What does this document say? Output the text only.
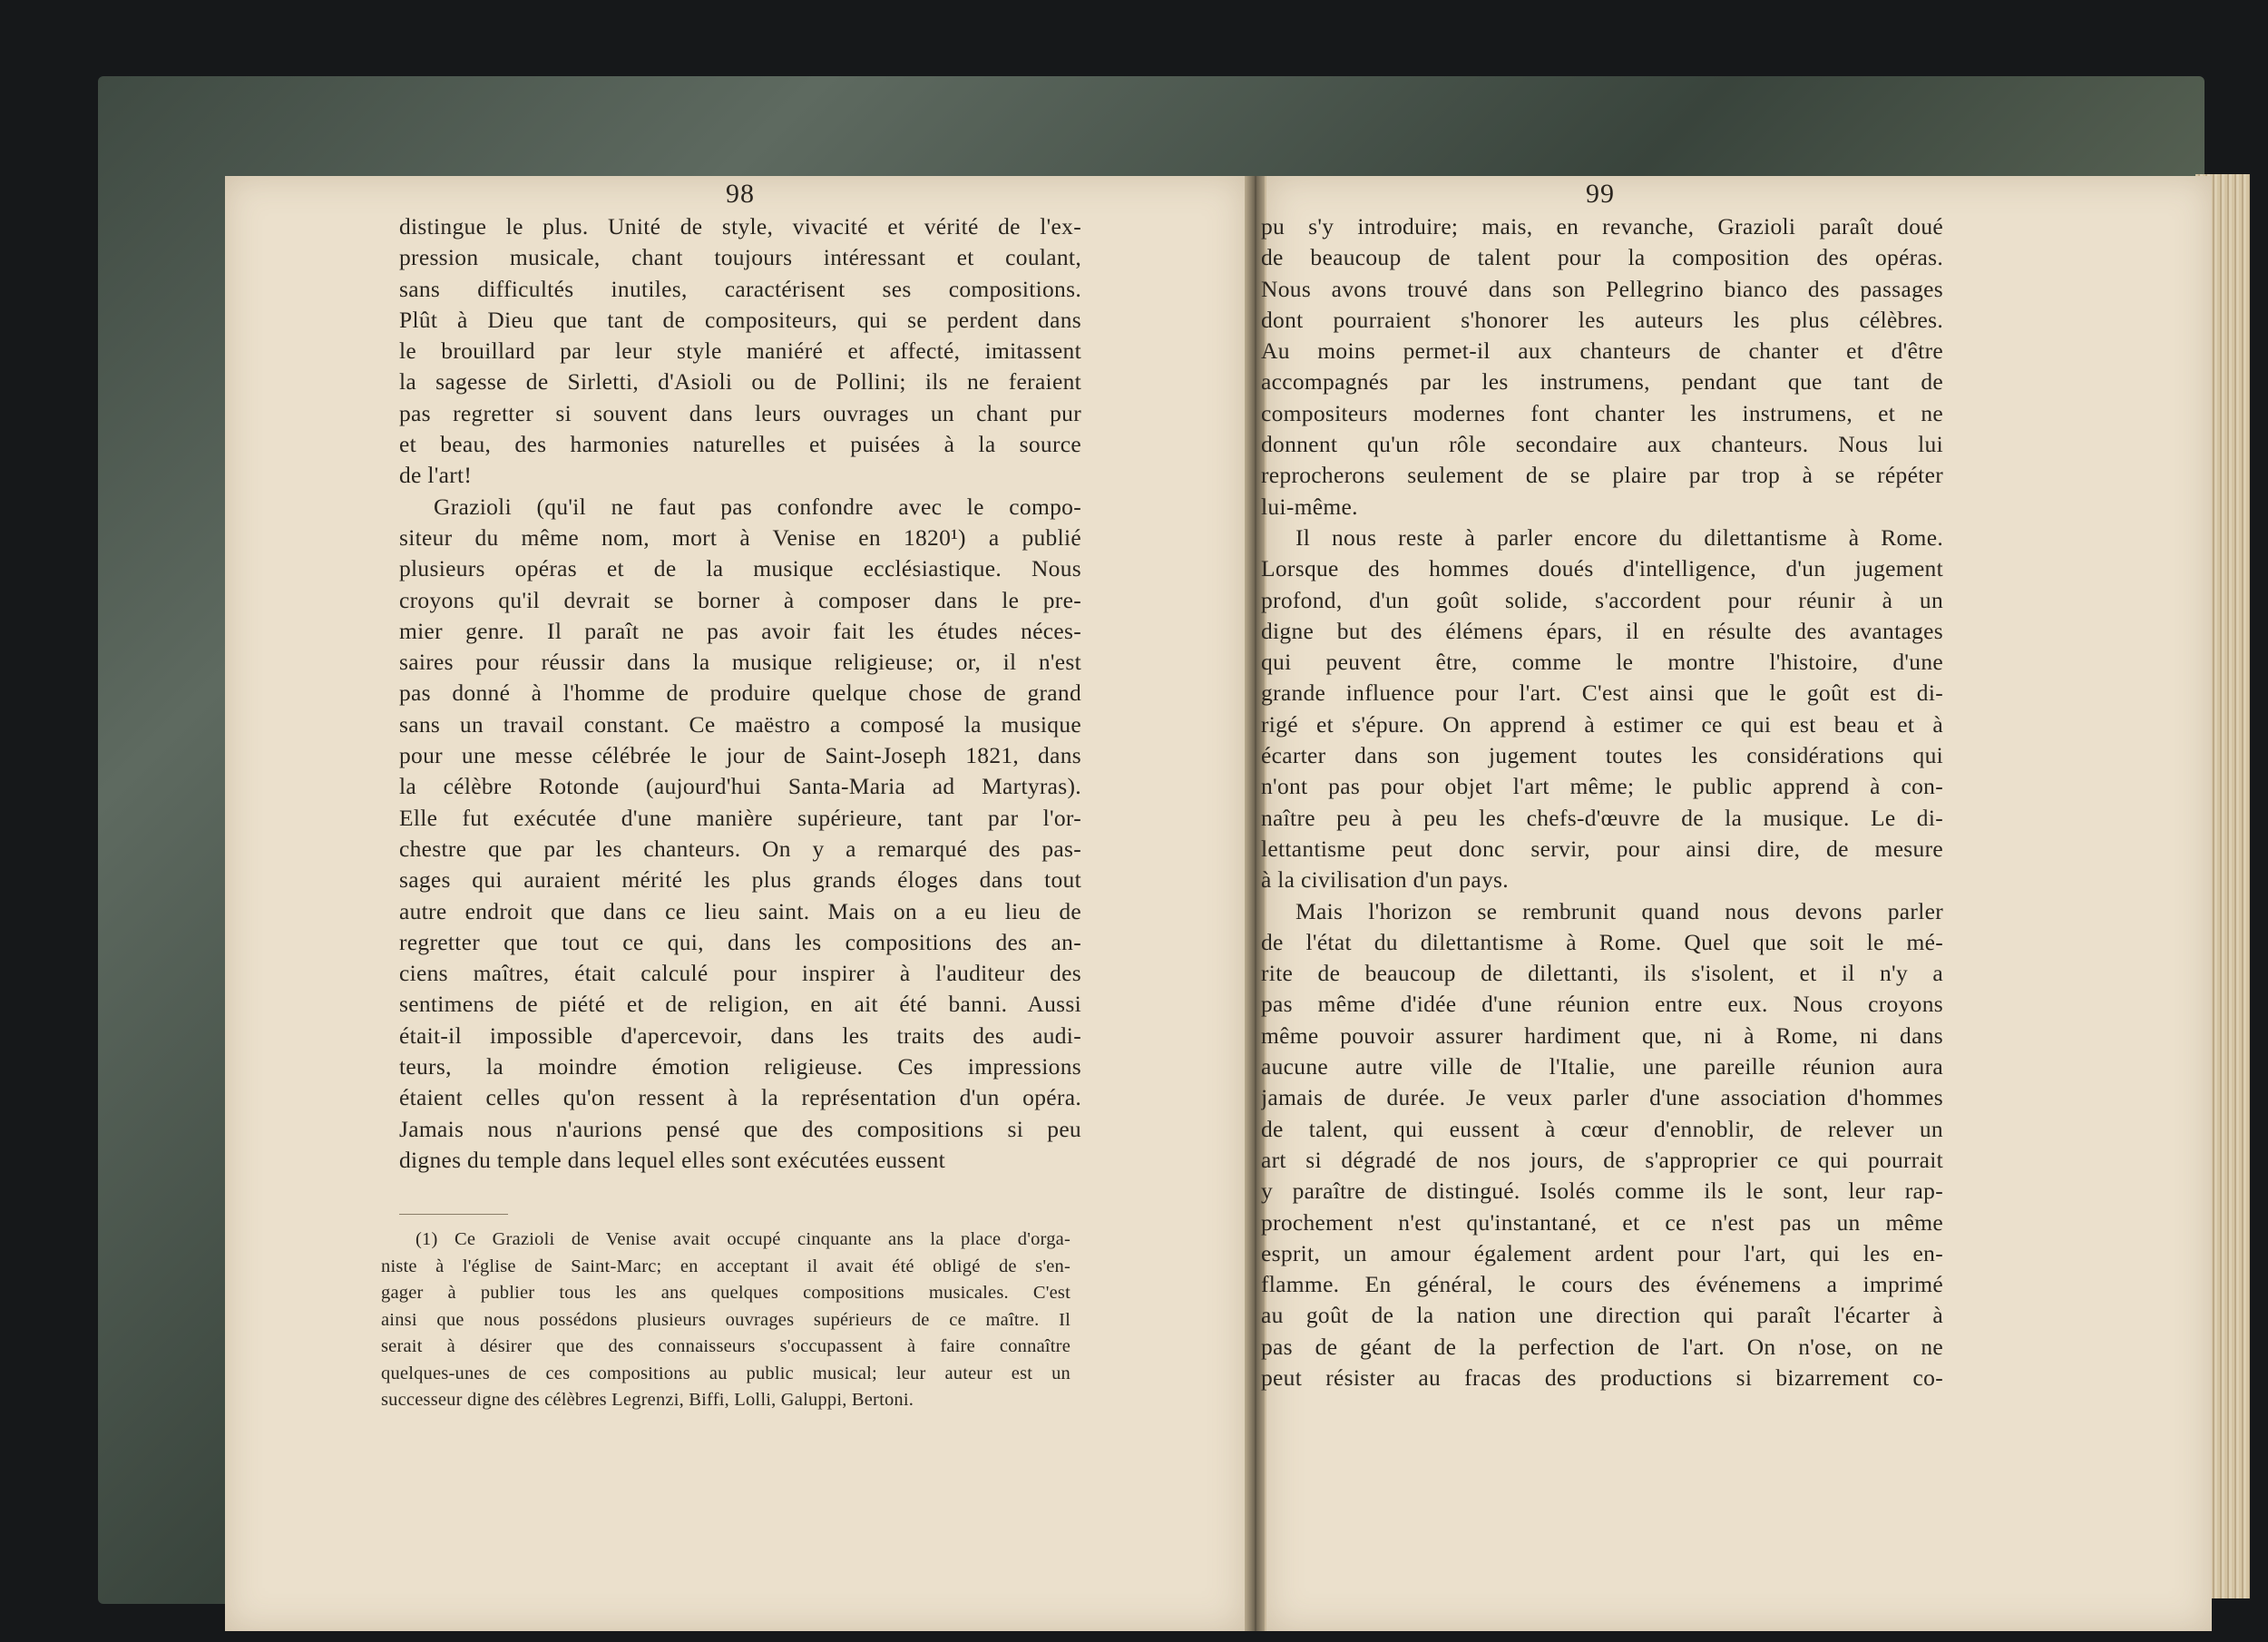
98
distingue le plus. Unité de style, vivacité et vérité de l'ex-
pression musicale, chant toujours intéressant et coulant,
sans difficultés inutiles, caractérisent ses compositions.
Plût à Dieu que tant de compositeurs, qui se perdent dans
le brouillard par leur style maniéré et affecté, imitassent
la sagesse de Sirletti, d'Asioli ou de Pollini; ils ne feraient
pas regretter si souvent dans leurs ouvrages un chant pur
et beau, des harmonies naturelles et puisées à la source
de l'art!
Grazioli (qu'il ne faut pas confondre avec le compo-
siteur du même nom, mort à Venise en 1820¹) a publié
plusieurs opéras et de la musique ecclésiastique. Nous
croyons qu'il devrait se borner à composer dans le pre-
mier genre. Il paraît ne pas avoir fait les études néces-
saires pour réussir dans la musique religieuse; or, il n'est
pas donné à l'homme de produire quelque chose de grand
sans un travail constant. Ce maëstro a composé la musique
pour une messe célébrée le jour de Saint-Joseph 1821, dans
la célèbre Rotonde (aujourd'hui Santa-Maria ad Martyras).
Elle fut exécutée d'une manière supérieure, tant par l'or-
chestre que par les chanteurs. On y a remarqué des pas-
sages qui auraient mérité les plus grands éloges dans tout
autre endroit que dans ce lieu saint. Mais on a eu lieu de
regretter que tout ce qui, dans les compositions des an-
ciens maîtres, était calculé pour inspirer à l'auditeur des
sentimens de piété et de religion, en ait été banni. Aussi
était-il impossible d'apercevoir, dans les traits des audi-
teurs, la moindre émotion religieuse. Ces impressions
étaient celles qu'on ressent à la représentation d'un opéra.
Jamais nous n'aurions pensé que des compositions si peu
dignes du temple dans lequel elles sont exécutées eussent
(1) Ce Grazioli de Venise avait occupé cinquante ans la place d'orga-
niste à l'église de Saint-Marc; en acceptant il avait été obligé de s'en-
gager à publier tous les ans quelques compositions musicales. C'est
ainsi que nous possédons plusieurs ouvrages supérieurs de ce maître. Il
serait à désirer que des connaisseurs s'occupassent à faire connaître
quelques-unes de ces compositions au public musical; leur auteur est un
successeur digne des célèbres Legrenzi, Biffi, Lolli, Galuppi, Bertoni.
99
pu s'y introduire; mais, en revanche, Grazioli paraît doué
de beaucoup de talent pour la composition des opéras.
Nous avons trouvé dans son Pellegrino bianco des passages
dont pourraient s'honorer les auteurs les plus célèbres.
Au moins permet-il aux chanteurs de chanter et d'être
accompagnés par les instrumens, pendant que tant de
compositeurs modernes font chanter les instrumens, et ne
donnent qu'un rôle secondaire aux chanteurs. Nous lui
reprocherons seulement de se plaire par trop à se répéter
lui-même.
Il nous reste à parler encore du dilettantisme à Rome.
Lorsque des hommes doués d'intelligence, d'un jugement
profond, d'un goût solide, s'accordent pour réunir à un
digne but des élémens épars, il en résulte des avantages
qui peuvent être, comme le montre l'histoire, d'une
grande influence pour l'art. C'est ainsi que le goût est di-
rigé et s'épure. On apprend à estimer ce qui est beau et à
écarter dans son jugement toutes les considérations qui
n'ont pas pour objet l'art même; le public apprend à con-
naître peu à peu les chefs-d'œuvre de la musique. Le di-
lettantisme peut donc servir, pour ainsi dire, de mesure
à la civilisation d'un pays.
Mais l'horizon se rembrunit quand nous devons parler
de l'état du dilettantisme à Rome. Quel que soit le mé-
rite de beaucoup de dilettanti, ils s'isolent, et il n'y a
pas même d'idée d'une réunion entre eux. Nous croyons
même pouvoir assurer hardiment que, ni à Rome, ni dans
aucune autre ville de l'Italie, une pareille réunion aura
jamais de durée. Je veux parler d'une association d'hommes
de talent, qui eussent à cœur d'ennoblir, de relever un
art si dégradé de nos jours, de s'approprier ce qui pourrait
y paraître de distingué. Isolés comme ils le sont, leur rap-
prochement n'est qu'instantané, et ce n'est pas un même
esprit, un amour également ardent pour l'art, qui les en-
flamme. En général, le cours des événemens a imprimé
au goût de la nation une direction qui paraît l'écarter à
pas de géant de la perfection de l'art. On n'ose, on ne
peut résister au fracas des productions si bizarrement co-
